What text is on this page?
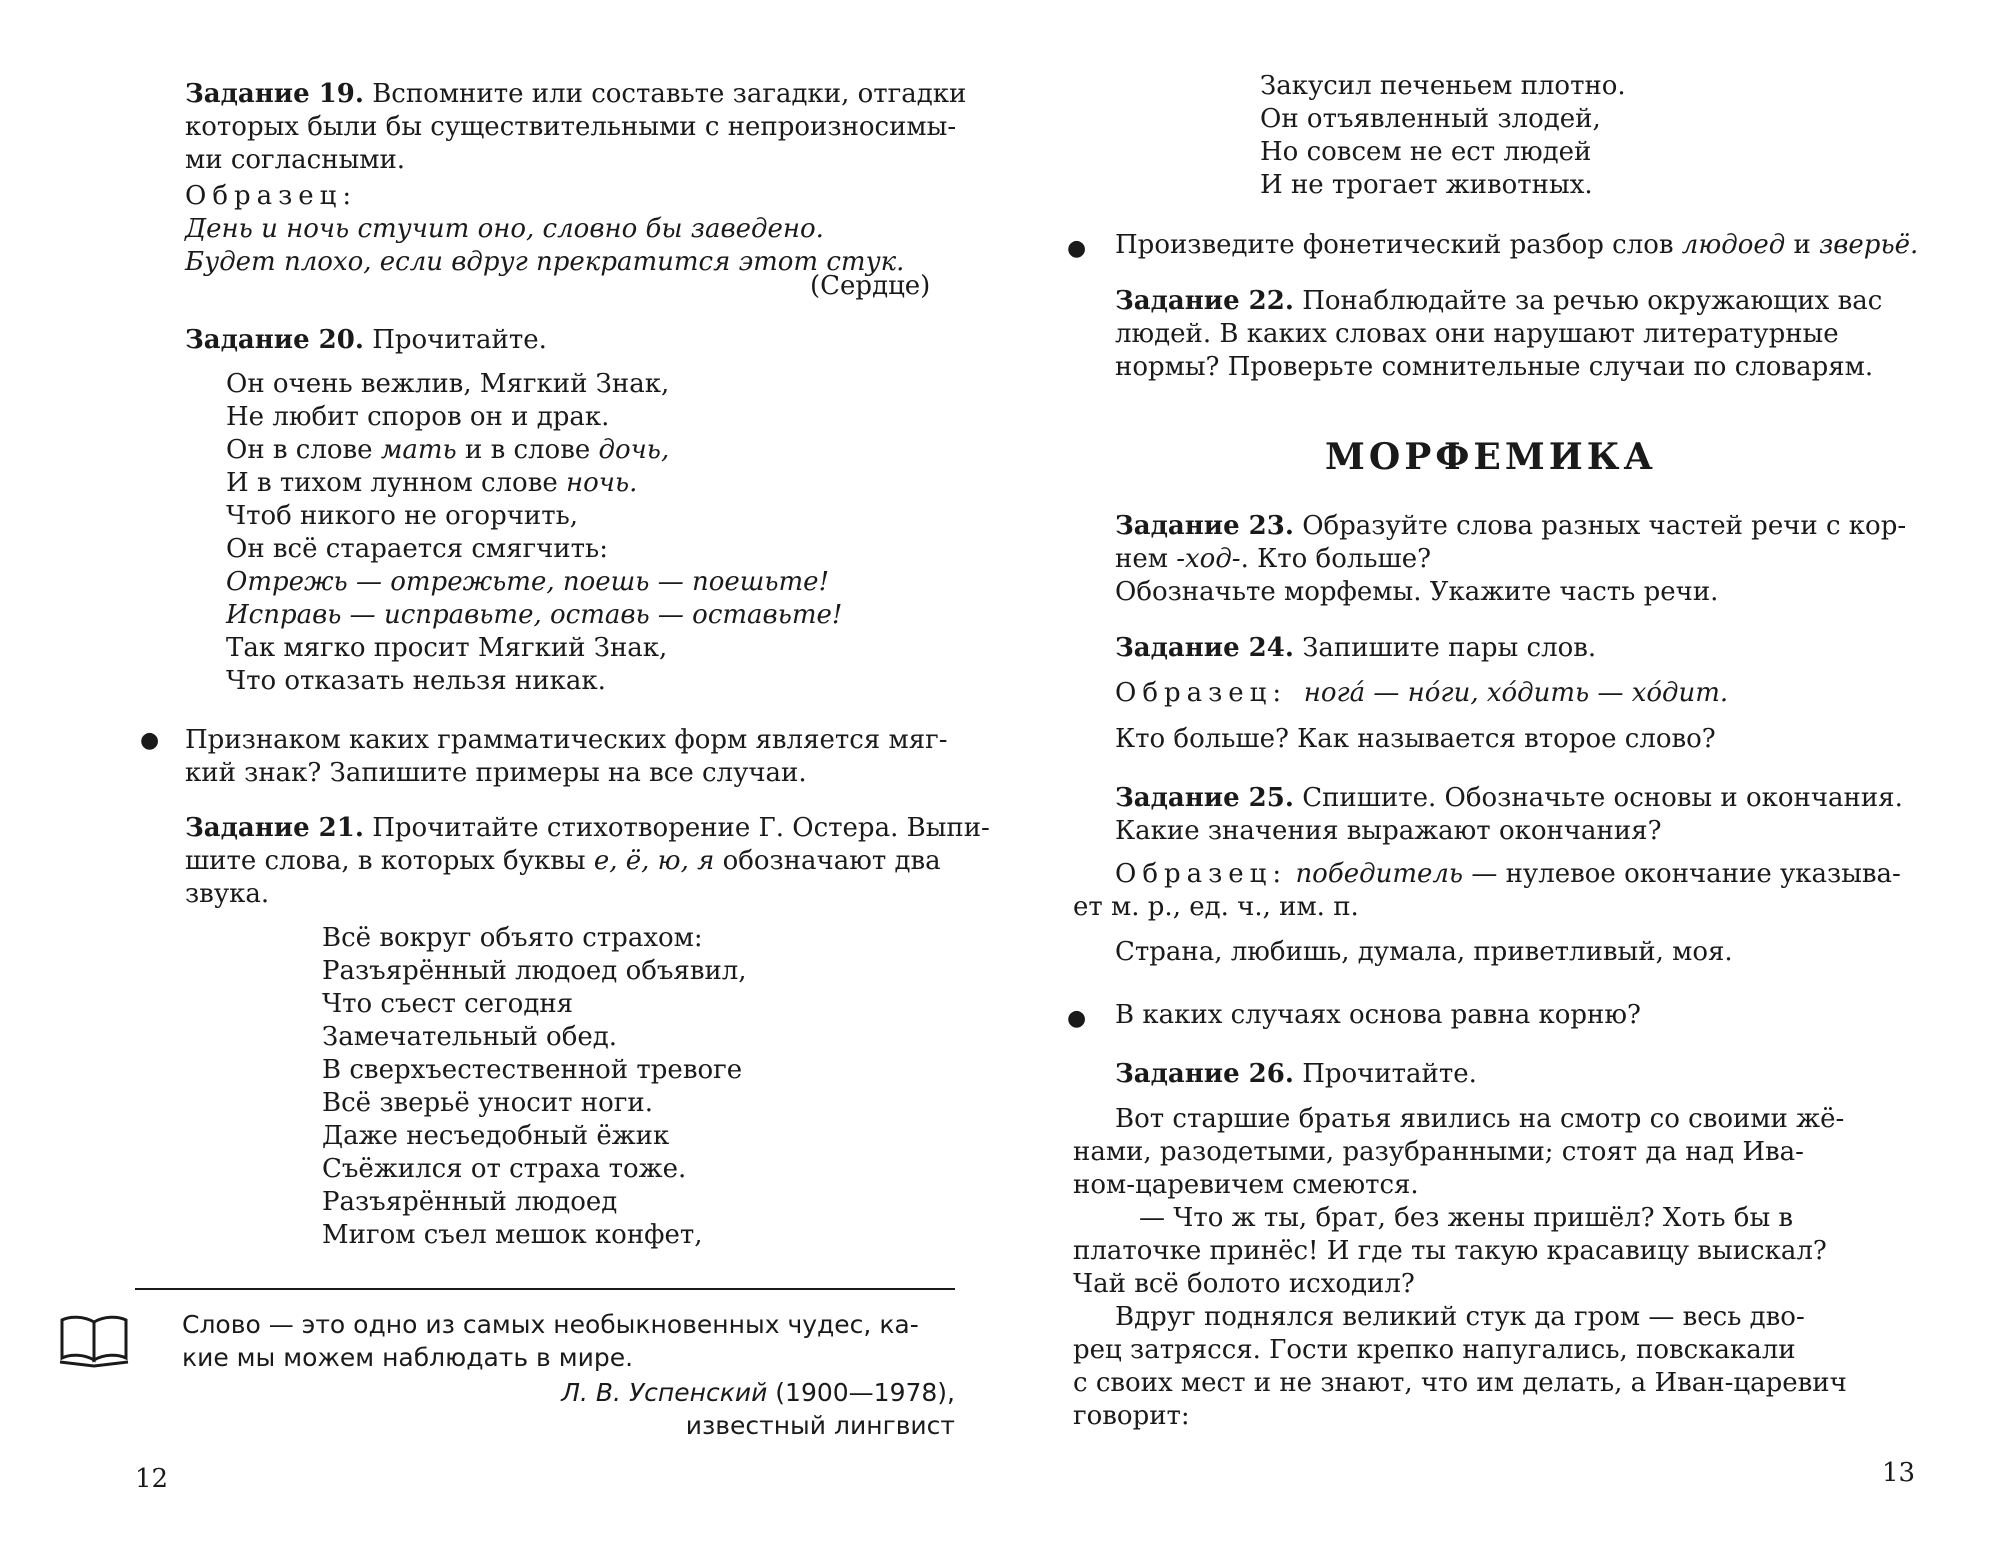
Задание 19. Вспомните или составьте загадки, отгадки
которых были бы существительными с непроизносимы-
ми согласными.
Образец:
День и ночь стучит оно, словно бы заведено.
Будет плохо, если вдруг прекратится этот стук.
(Сердце)
Задание 20. Прочитайте.
Он очень вежлив, Мягкий Знак,
Не любит споров он и драк.
Он в слове мать и в слове дочь,
И в тихом лунном слове ночь.
Чтоб никого не огорчить,
Он всё старается смягчить:
Отрежь — отрежьте, поешь — поешьте!
Исправь — исправьте, оставь — оставьте!
Так мягко просит Мягкий Знак,
Что отказать нельзя никак.
● Признаком каких грамматических форм является мяг-
кий знак? Запишите примеры на все случаи.
Задание 21. Прочитайте стихотворение Г. Остера. Выпи-
шите слова, в которых буквы е, ё, ю, я обозначают два
звука.
Всё вокруг объято страхом:
Разъярённый людоед объявил,
Что съест сегодня
Замечательный обед.
В сверхъестественной тревоге
Всё зверьё уносит ноги.
Даже несъедобный ёжик
Съёжился от страха тоже.
Разъярённый людоед
Мигом съел мешок конфет,
Слово — это одно из самых необыкновенных чудес, ка-
кие мы можем наблюдать в мире.
Л. В. Успенский (1900—1978),
известный лингвист
12
Закусил печеньем плотно.
Он отъявленный злодей,
Но совсем не ест людей
И не трогает животных.
● Произведите фонетический разбор слов людоед и зверьё.
Задание 22. Понаблюдайте за речью окружающих вас
людей. В каких словах они нарушают литературные
нормы? Проверьте сомнительные случаи по словарям.
МОРФЕМИКА
Задание 23. Образуйте слова разных частей речи с кор-
нем -ход-. Кто больше?
Обозначьте морфемы. Укажите часть речи.
Задание 24. Запишите пары слов.
Образец: ногá — нóги, хóдить — хóдит.
Кто больше? Как называется второе слово?
Задание 25. Спишите. Обозначьте основы и окончания.
Какие значения выражают окончания?
Образец: победитель — нулевое окончание указыва-
ет м. р., ед. ч., им. п.
Страна, любишь, думала, приветливый, моя.
● В каких случаях основа равна корню?
Задание 26. Прочитайте.
Вот старшие братья явились на смотр со своими жё-
нами, разодетыми, разубранными; стоят да над Ива-
ном-царевичем смеются.
— Что ж ты, брат, без жены пришёл? Хоть бы в
платочке принёс! И где ты такую красавицу выискал?
Чай всё болото исходил?
Вдруг поднялся великий стук да гром — весь дво-
рец затрясся. Гости крепко напугались, повскакали
с своих мест и не знают, что им делать, а Иван-царевич
говорит:
13
